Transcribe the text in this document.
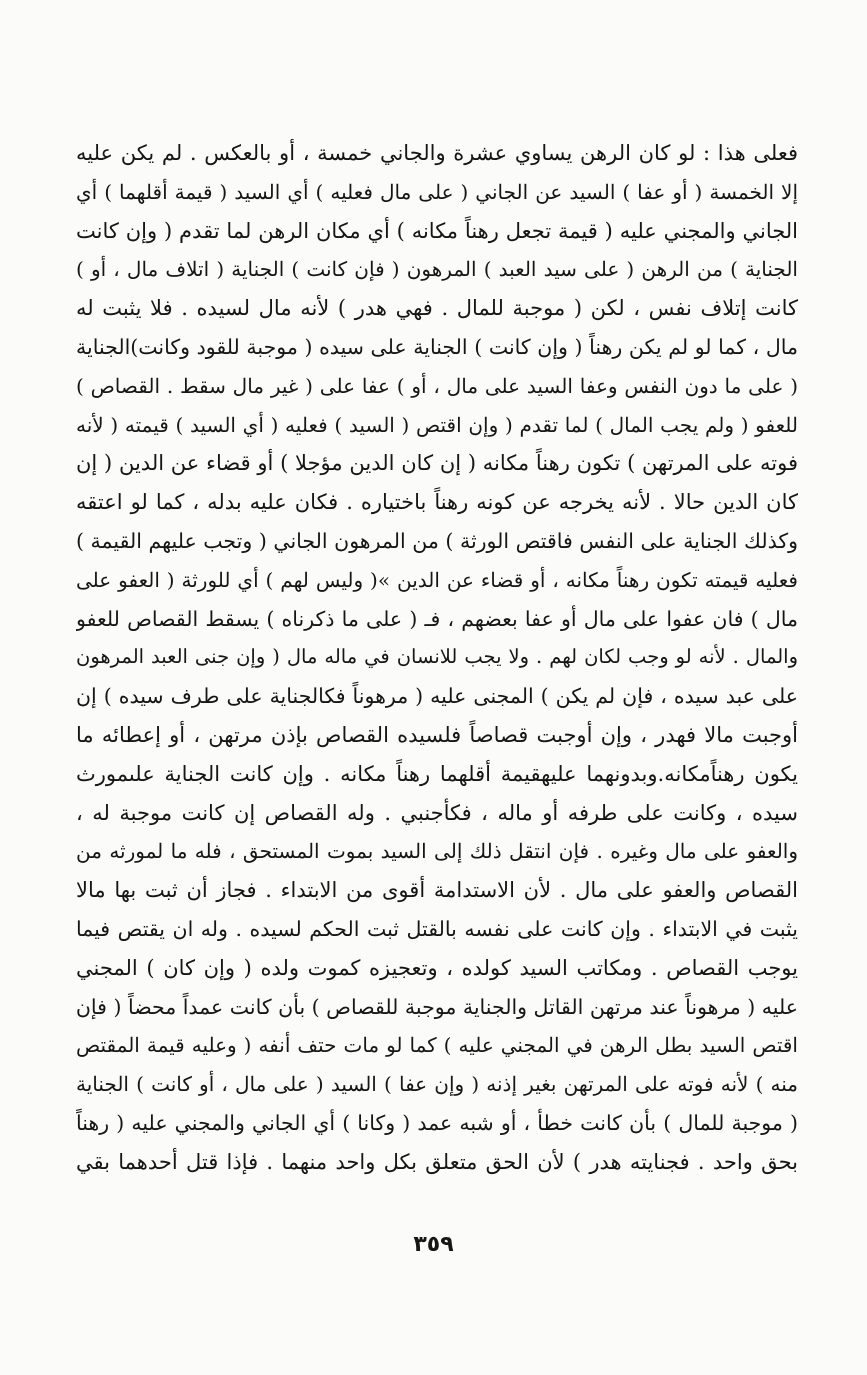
فعلى هذا : لو كان الرهن يساوي عشرة والجاني خمسة ، أو بالعكس . لم يكن عليه
إلا الخمسة ( أو عفا ) السيد عن الجاني ( على مال فعليه ) أي السيد ( قيمة أقلهما ) أي
الجاني والمجني عليه ( قيمة تجعل رهناً مكانه ) أي مكان الرهن لما تقدم ( وإن كانت
الجناية ) من الرهن ( على سيد العبد ) المرهون ( فإن كانت ) الجناية ( اتلاف مال ، أو )
كانت إتلاف نفس ، لكن ( موجبة للمال . فهي هدر ) لأنه مال لسيده . فلا يثبت له
مال ، كما لو لم يكن رهناً ( وإن كانت ) الجناية على سيده ( موجبة للقود وكانت)الجناية
( على ما دون النفس وعفا السيد على مال ، أو ) عفا على ( غير مال سقط . القصاص )
للعفو ( ولم يجب المال ) لما تقدم ( وإن اقتص ( السيد ) فعليه ( أي السيد ) قيمته ( لأنه
فوته على المرتهن ) تكون رهناً مكانه ( إن كان الدين مؤجلا ) أو قضاء عن الدين ( إن
كان الدين حالا . لأنه يخرجه عن كونه رهناً باختياره . فكان عليه بدله ، كما لو اعتقه
وكذلك الجناية على النفس فاقتص الورثة ) من المرهون الجاني ( وتجب عليهم القيمة )
فعليه قيمته تكون رهناً مكانه ، أو قضاء عن الدين »( وليس لهم ) أي للورثة ( العفو على
مال ) فان عفوا على مال أو عفا بعضهم ، فـ ( على ما ذكرناه ) يسقط القصاص للعفو
والمال . لأنه لو وجب لكان لهم . ولا يجب للانسان في ماله مال ( وإن جنى العبد المرهون
على عبد سيده ، فإن لم يكن ) المجنى عليه ( مرهوناً فكالجناية على طرف سيده ) إن
أوجبت مالا فهدر ، وإن أوجبت قصاصاً فلسيده القصاص بإذن مرتهن ، أو إعطائه ما
يكون رهناًمكانه.وبدونهما عليهقيمة أقلهما رهناً مكانه . وإن كانت الجناية علىمورث
سيده ، وكانت على طرفه أو ماله ، فكأجنبي . وله القصاص إن كانت موجبة له ،
والعفو على مال وغيره . فإن انتقل ذلك إلى السيد بموت المستحق ، فله ما لمورثه من
القصاص والعفو على مال . لأن الاستدامة أقوى من الابتداء . فجاز أن ثبت بها مالا
يثبت في الابتداء . وإن كانت على نفسه بالقتل ثبت الحكم لسيده . وله ان يقتص فيما
يوجب القصاص . ومكاتب السيد كولده ، وتعجيزه كموت ولده ( وإن كان ) المجني
عليه ( مرهوناً عند مرتهن القاتل والجناية موجبة للقصاص ) بأن كانت عمداً محضاً ( فإن
اقتص السيد بطل الرهن في المجني عليه ) كما لو مات حتف أنفه ( وعليه قيمة المقتص
منه ) لأنه فوته على المرتهن بغير إذنه ( وإن عفا ) السيد ( على مال ، أو كانت ) الجناية
( موجبة للمال ) بأن كانت خطأ ، أو شبه عمد ( وكانا ) أي الجاني والمجني عليه ( رهناً
بحق واحد . فجنايته هدر ) لأن الحق متعلق بكل واحد منهما . فإذا قتل أحدهما بقي
٣٥٩
